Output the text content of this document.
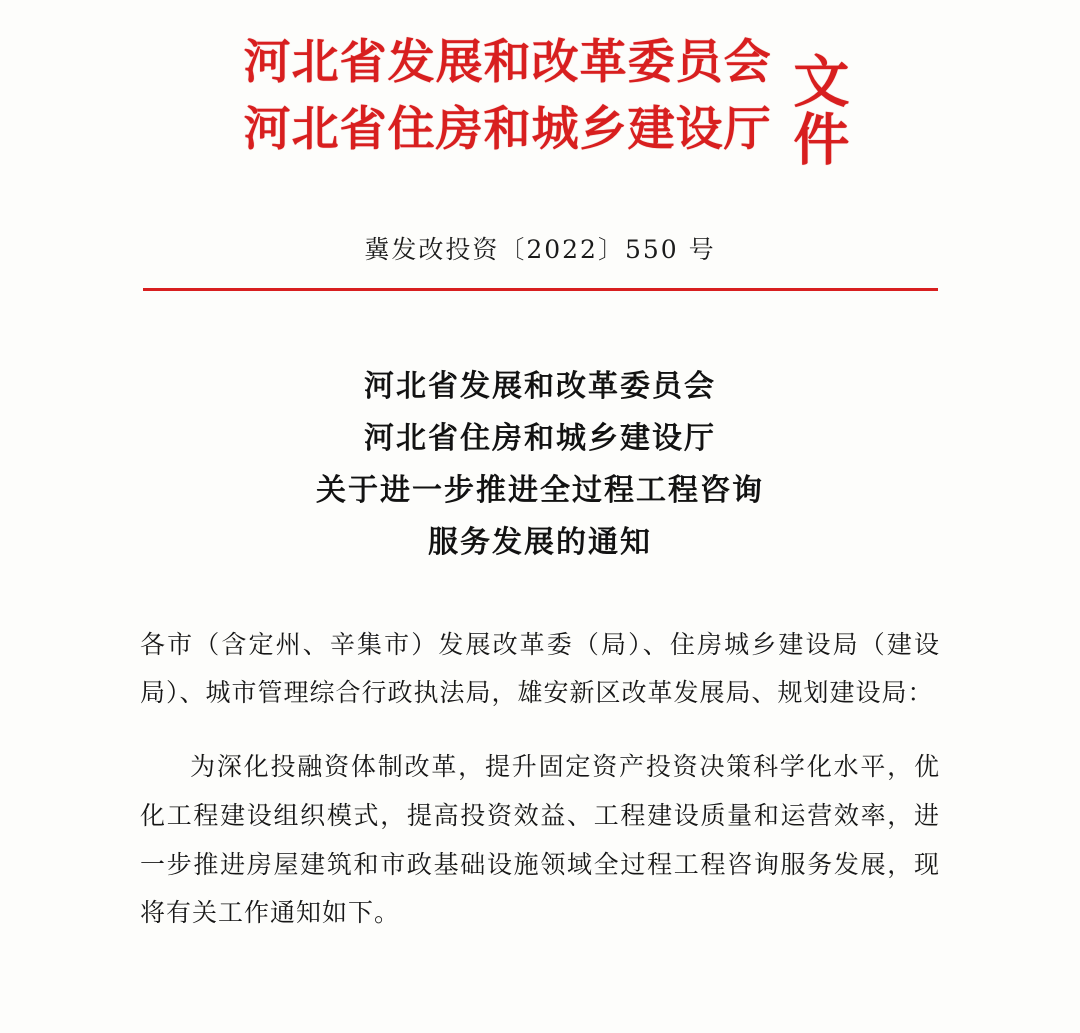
河北省发展和改革委员会
河北省住房和城乡建设厅 文件
冀发改投资〔2022〕550 号
河北省发展和改革委员会
河北省住房和城乡建设厅
关于进一步推进全过程工程咨询
服务发展的通知

各市（含定州、辛集市）发展改革委（局）、住房城乡建设局（建设局）、城市管理综合行政执法局，雄安新区改革发展局、规划建设局：

为深化投融资体制改革，提升固定资产投资决策科学化水平，优化工程建设组织模式，提高投资效益、工程建设质量和运营效率，进一步推进房屋建筑和市政基础设施领域全过程工程咨询服务发展，现将有关工作通知如下。
